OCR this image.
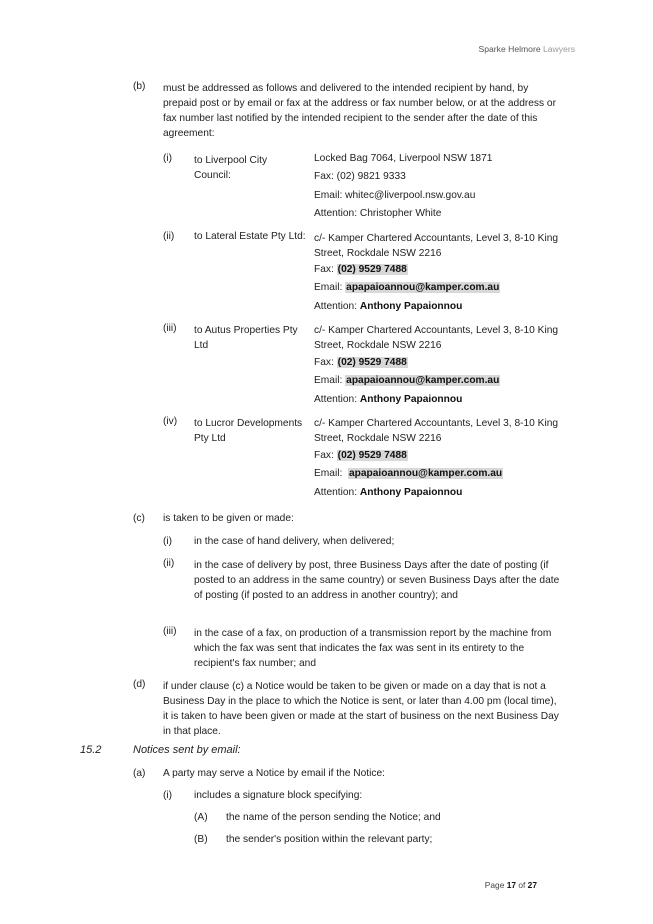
Sparke Helmore Lawyers
(b) must be addressed as follows and delivered to the intended recipient by hand, by prepaid post or by email or fax at the address or fax number below, or at the address or fax number last notified by the intended recipient to the sender after the date of this agreement:
(i) to Liverpool City Council:
Locked Bag 7064, Liverpool NSW 1871
Fax: (02) 9821 9333
Email: whitec@liverpool.nsw.gov.au
Attention: Christopher White
(ii) to Lateral Estate Pty Ltd: c/- Kamper Chartered Accountants, Level 3, 8-10 King Street, Rockdale NSW 2216
Fax: (02) 9529 7488
Email: apapaioannou@kamper.com.au
Attention: Anthony Papaionnou
(iii) to Autus Properties Pty Ltd
c/- Kamper Chartered Accountants, Level 3, 8-10 King Street, Rockdale NSW 2216
Fax: (02) 9529 7488
Email: apapaioannou@kamper.com.au
Attention: Anthony Papaionnou
(iv) to Lucror Developments Pty Ltd
c/- Kamper Chartered Accountants, Level 3, 8-10 King Street, Rockdale NSW 2216
Fax: (02) 9529 7488
Email: apapaioannou@kamper.com.au
Attention: Anthony Papaionnou
(c) is taken to be given or made:
(i) in the case of hand delivery, when delivered;
(ii) in the case of delivery by post, three Business Days after the date of posting (if posted to an address in the same country) or seven Business Days after the date of posting (if posted to an address in another country); and
(iii) in the case of a fax, on production of a transmission report by the machine from which the fax was sent that indicates the fax was sent in its entirety to the recipient's fax number; and
(d) if under clause (c) a Notice would be taken to be given or made on a day that is not a Business Day in the place to which the Notice is sent, or later than 4.00 pm (local time), it is taken to have been given or made at the start of business on the next Business Day in that place.
15.2	Notices sent by email:
(a) A party may serve a Notice by email if the Notice:
(i) includes a signature block specifying:
(A) the name of the person sending the Notice; and
(B) the sender's position within the relevant party;
Page 17 of 27
